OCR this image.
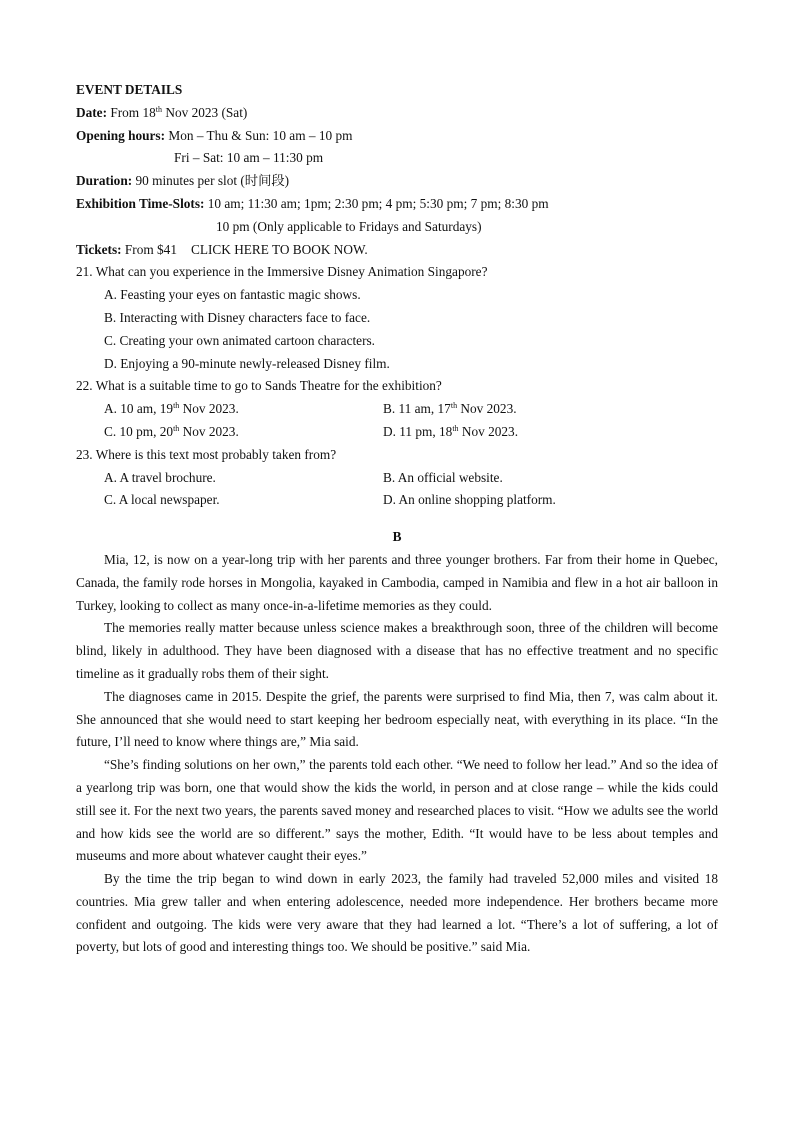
EVENT DETAILS
Date: From 18th Nov 2023 (Sat)
Opening hours: Mon – Thu & Sun: 10 am – 10 pm
Fri – Sat: 10 am – 11:30 pm
Duration: 90 minutes per slot (时间段)
Exhibition Time-Slots: 10 am; 11:30 am; 1pm; 2:30 pm; 4 pm; 5:30 pm; 7 pm; 8:30 pm
10 pm (Only applicable to Fridays and Saturdays)
Tickets: From $41 CLICK HERE TO BOOK NOW.
21. What can you experience in the Immersive Disney Animation Singapore?
A. Feasting your eyes on fantastic magic shows.
B. Interacting with Disney characters face to face.
C. Creating your own animated cartoon characters.
D. Enjoying a 90-minute newly-released Disney film.
22. What is a suitable time to go to Sands Theatre for the exhibition?
A. 10 am, 19th Nov 2023.	B. 11 am, 17th Nov 2023.
C. 10 pm, 20th Nov 2023.	D. 11 pm, 18th Nov 2023.
23. Where is this text most probably taken from?
A. A travel brochure.	B. An official website.
C. A local newspaper.	D. An online shopping platform.
B

Mia, 12, is now on a year-long trip with her parents and three younger brothers. Far from their home in Quebec, Canada, the family rode horses in Mongolia, kayaked in Cambodia, camped in Namibia and flew in a hot air balloon in Turkey, looking to collect as many once-in-a-lifetime memories as they could.

The memories really matter because unless science makes a breakthrough soon, three of the children will become blind, likely in adulthood. They have been diagnosed with a disease that has no effective treatment and no specific timeline as it gradually robs them of their sight.

The diagnoses came in 2015. Despite the grief, the parents were surprised to find Mia, then 7, was calm about it. She announced that she would need to start keeping her bedroom especially neat, with everything in its place. “In the future, I’ll need to know where things are,” Mia said.

“She’s finding solutions on her own,” the parents told each other. “We need to follow her lead.” And so the idea of a yearlong trip was born, one that would show the kids the world, in person and at close range – while the kids could still see it. For the next two years, the parents saved money and researched places to visit. “How we adults see the world and how kids see the world are so different.” says the mother, Edith. “It would have to be less about temples and museums and more about whatever caught their eyes.”

By the time the trip began to wind down in early 2023, the family had traveled 52,000 miles and visited 18 countries. Mia grew taller and when entering adolescence, needed more independence. Her brothers became more confident and outgoing. The kids were very aware that they had learned a lot. “There’s a lot of suffering, a lot of poverty, but lots of good and interesting things too. We should be positive.” said Mia.
